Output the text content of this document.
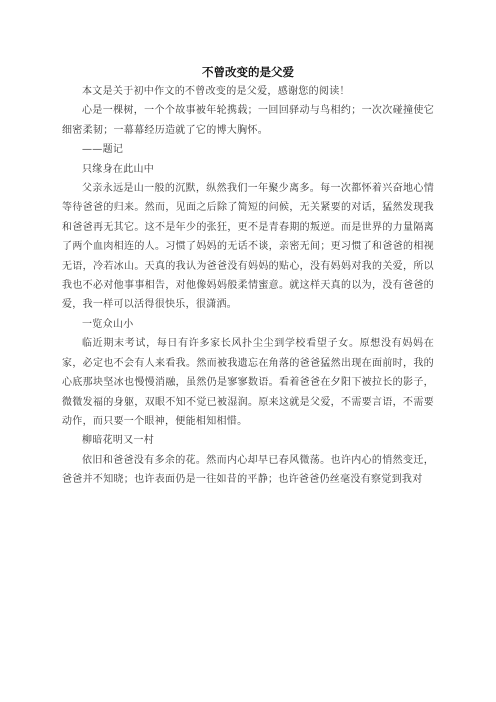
不曾改变的是父爱

本文是关于初中作文的不曾改变的是父爱，感谢您的阅读！

心是一棵树，一个个故事被年轮携载；一回回驿动与鸟相约；一次次碰撞使它细密柔韧；一幕幕经历造就了它的博大胸怀。

——题记

只缘身在此山中

父亲永远是山一般的沉默，纵然我们一年聚少离多。每一次都怀着兴奋地心情等待爸爸的归来。然而，见面之后除了简短的问候，无关紧要的对话，猛然发现我和爸爸再无其它。这不是年少的张狂，更不是青春期的叛逆。而是世界的力量隔离了两个血肉相连的人。习惯了妈妈的无话不谈，亲密无间；更习惯了和爸爸的相视无语，冷若冰山。天真的我认为爸爸没有妈妈的贴心，没有妈妈对我的关爱，所以我也不必对他事事相告，对他像妈妈般柔情蜜意。就这样天真的以为，没有爸爸的爱，我一样可以活得很快乐，很潇洒。

一览众山小

临近期末考试，每日有许多家长风扑尘尘到学校看望子女。原想没有妈妈在家，必定也不会有人来看我。然而被我遗忘在角落的爸爸猛然出现在面前时，我的心底那块坚冰也慢慢消融，虽然仍是寥寥数语。看着爸爸在夕阳下被拉长的影子，微微发福的身躯，双眼不知不觉已被湿润。原来这就是父爱，不需要言语，不需要动作，而只要一个眼神，便能相知相惜。

柳暗花明又一村

依旧和爸爸没有多余的花。然而内心却早已春风微荡。也许内心的悄然变迁，爸爸并不知晓；也许表面仍是一往如昔的平静；也许爸爸仍丝毫没有察觉到我对
